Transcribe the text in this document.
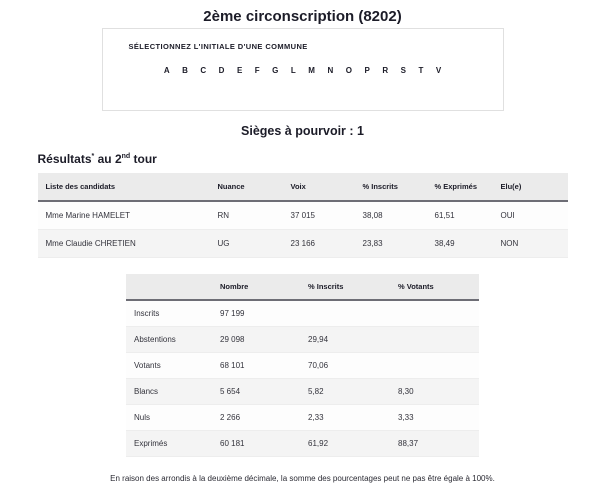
2ème circonscription (8202)
SÉLECTIONNEZ L'INITIALE D'UNE COMMUNE
A B C D E F G L M N O P R S T V
Sièges à pourvoir : 1
Résultats* au 2nd tour
Liste des candidats	Nuance	Voix	% Inscrits	% Exprimés	Elu(e)
Mme Marine HAMELET	RN	37 015	38,08	61,51	OUI
Mme Claudie CHRETIEN	UG	23 166	23,83	38,49	NON
	Nombre	% Inscrits	% Votants
Inscrits	97 199		
Abstentions	29 098	29,94	
Votants	68 101	70,06	
Blancs	5 654	5,82	8,30
Nuls	2 266	2,33	3,33
Exprimés	60 181	61,92	88,37

En raison des arrondis à la deuxième décimale, la somme des pourcentages peut ne pas être égale à 100%.
